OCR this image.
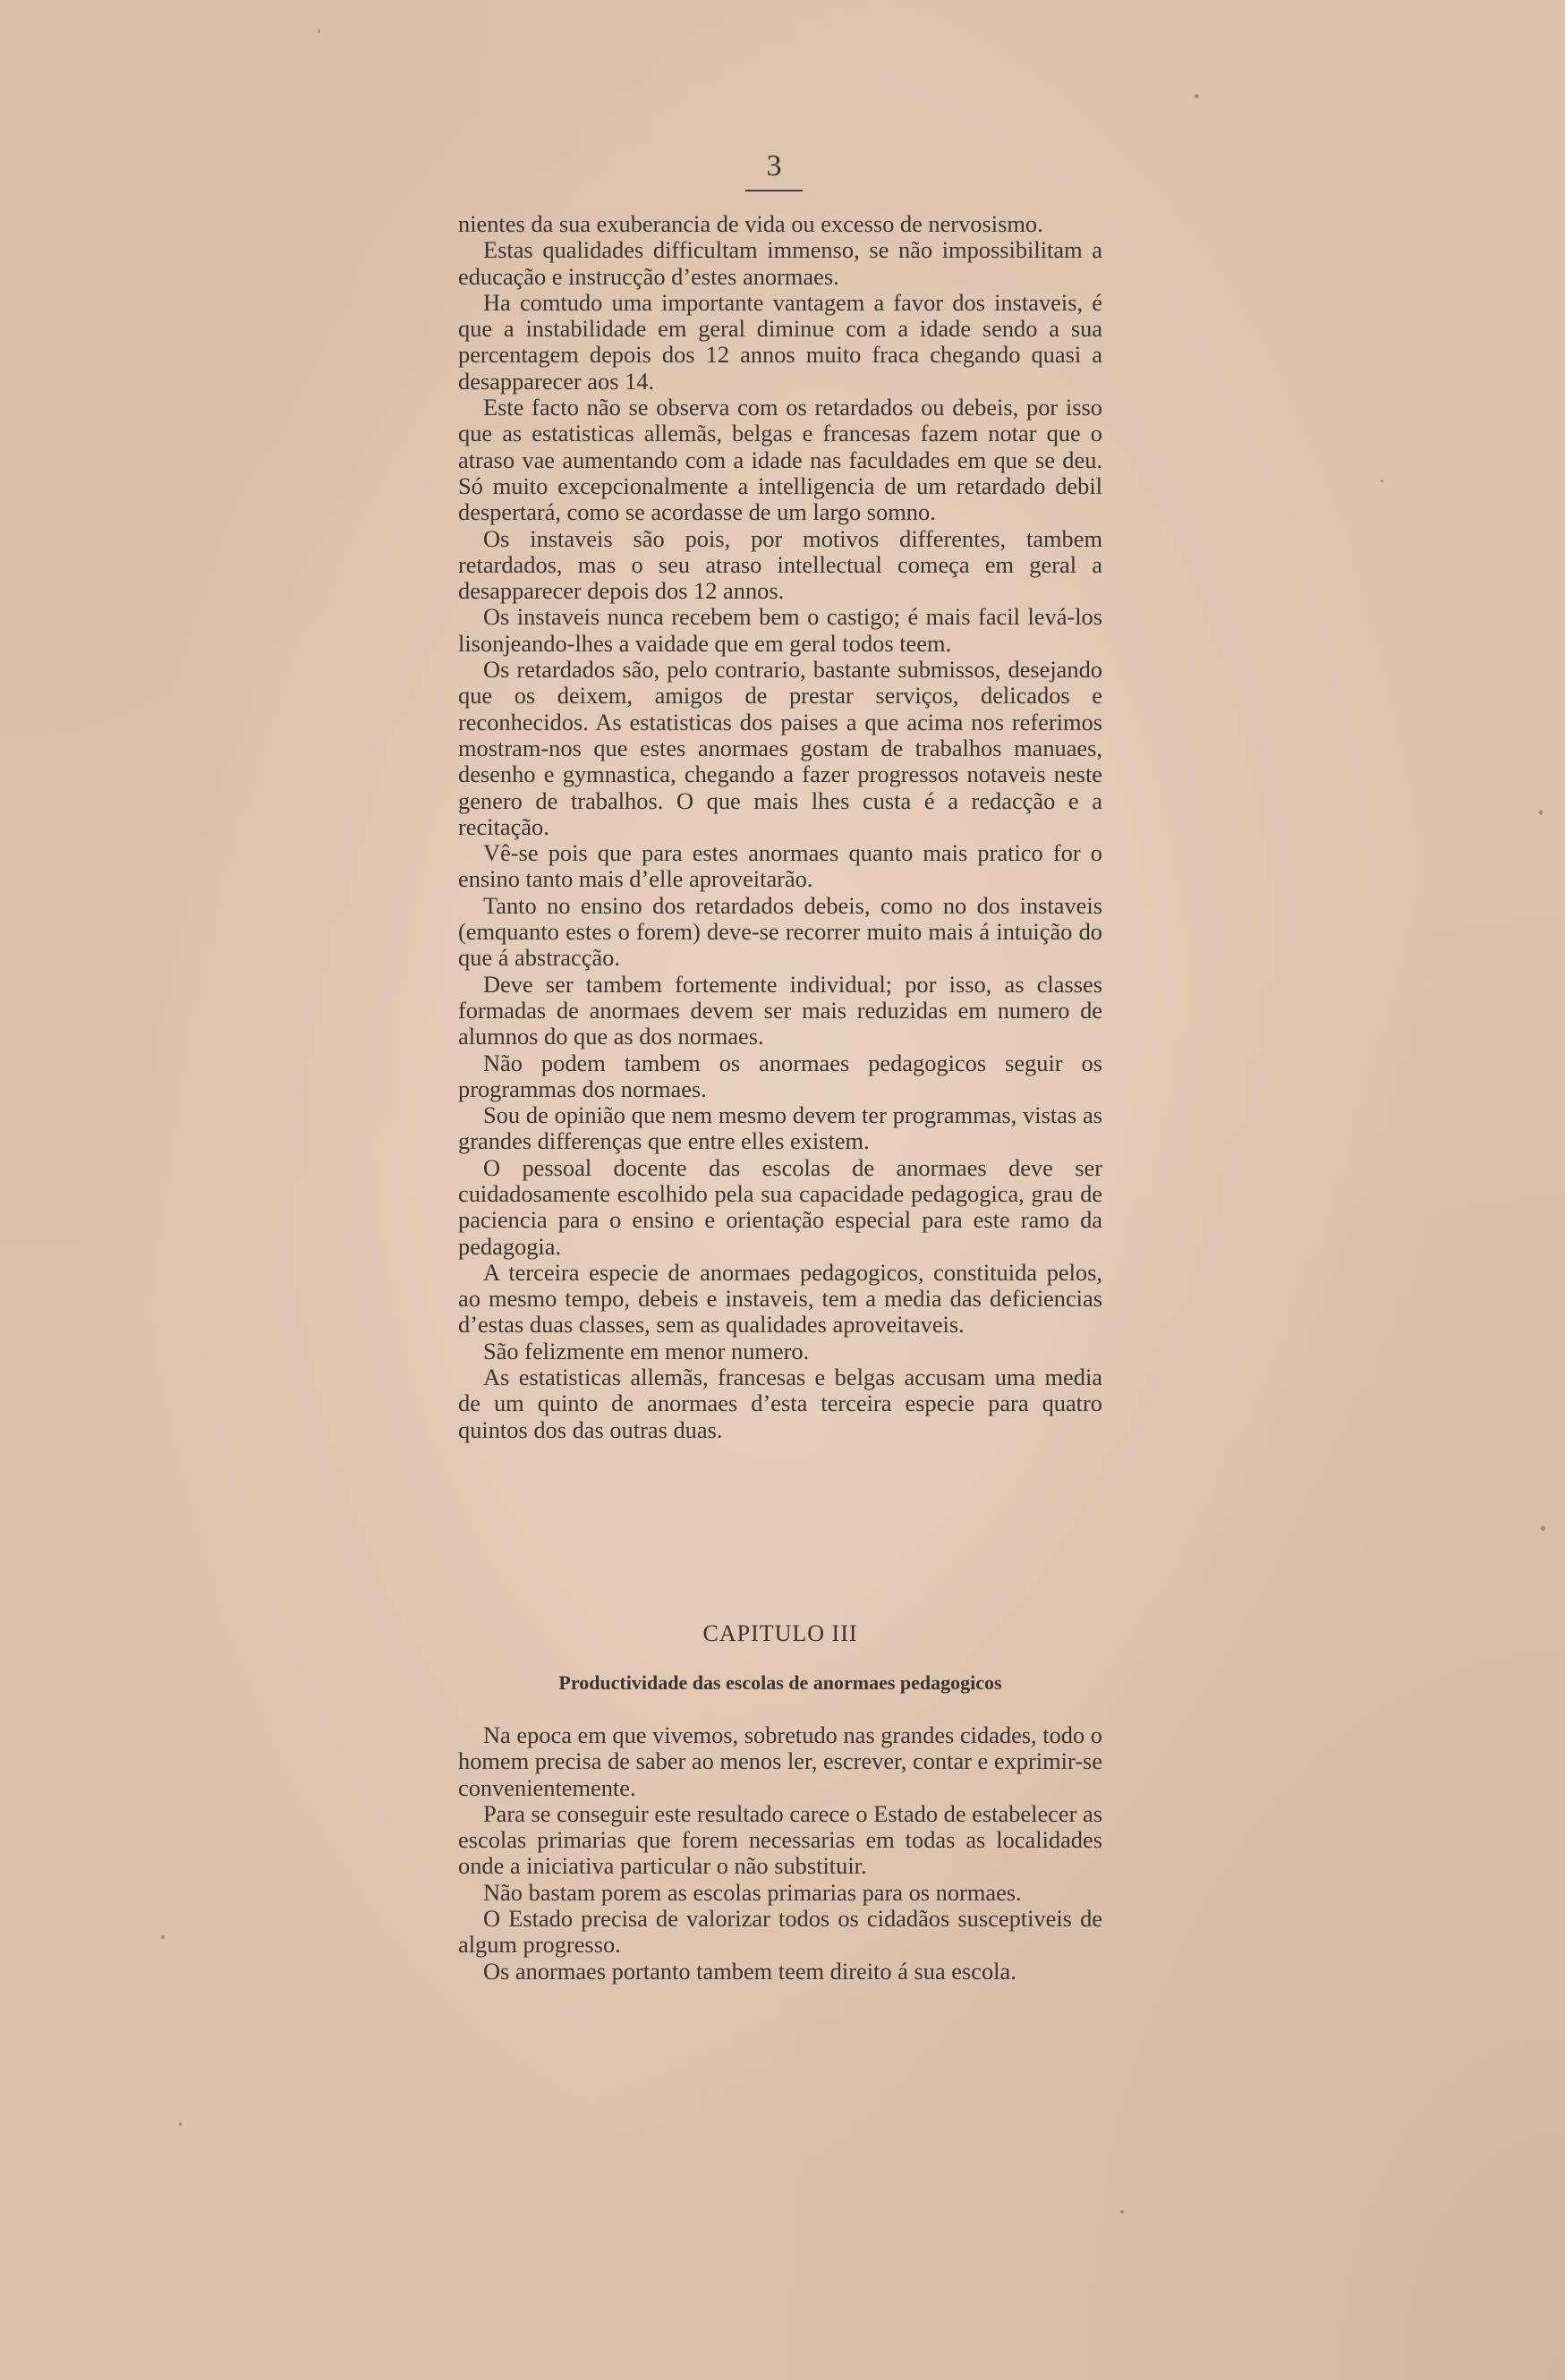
3

nientes da sua exuberancia de vida ou excesso de nervosismo.

Estas qualidades difficultam immenso, se não impossibilitam a educação e instrucção d’estes anormaes.

Ha comtudo uma importante vantagem a favor dos instaveis, é que a instabilidade em geral diminue com a idade sendo a sua percentagem depois dos 12 annos muito fraca chegando quasi a desapparecer aos 14.

Este facto não se observa com os retardados ou debeis, por isso que as estatisticas allemãs, belgas e francesas fazem notar que o atraso vae aumentando com a idade nas faculdades em que se deu. Só muito excepcionalmente a intelligencia de um retardado debil despertará, como se acordasse de um largo somno.

Os instaveis são pois, por motivos differentes, tambem retardados, mas o seu atraso intellectual começa em geral a desapparecer depois dos 12 annos.

Os instaveis nunca recebem bem o castigo; é mais facil levá-los lisonjeando-lhes a vaidade que em geral todos teem.

Os retardados são, pelo contrario, bastante submissos, desejando que os deixem, amigos de prestar serviços, delicados e reconhecidos. As estatisticas dos paises a que acima nos referimos mostram-nos que estes anormaes gostam de trabalhos manuaes, desenho e gymnastica, chegando a fazer progressos notaveis neste genero de trabalhos. O que mais lhes custa é a redacção e a recitação.

Vê-se pois que para estes anormaes quanto mais pratico for o ensino tanto mais d’elle aproveitarão.

Tanto no ensino dos retardados debeis, como no dos instaveis (emquanto estes o forem) deve-se recorrer muito mais á intuição do que á abstracção.

Deve ser tambem fortemente individual; por isso, as classes formadas de anormaes devem ser mais reduzidas em numero de alumnos do que as dos normaes.

Não podem tambem os anormaes pedagogicos seguir os programmas dos normaes.

Sou de opinião que nem mesmo devem ter programmas, vistas as grandes differenças que entre elles existem.

O pessoal docente das escolas de anormaes deve ser cuidadosamente escolhido pela sua capacidade pedagogica, grau de paciencia para o ensino e orientação especial para este ramo da pedagogia.

A terceira especie de anormaes pedagogicos, constituida pelos, ao mesmo tempo, debeis e instaveis, tem a media das deficiencias d’estas duas classes, sem as qualidades aproveitaveis.

São felizmente em menor numero.

As estatisticas allemãs, francesas e belgas accusam uma media de um quinto de anormaes d’esta terceira especie para quatro quintos dos das outras duas.

CAPITULO III
Productividade das escolas de anormaes pedagogicos

Na epoca em que vivemos, sobretudo nas grandes cidades, todo o homem precisa de saber ao menos ler, escrever, contar e exprimir-se convenientemente.

Para se conseguir este resultado carece o Estado de estabelecer as escolas primarias que forem necessarias em todas as localidades onde a iniciativa particular o não substituir.

Não bastam porem as escolas primarias para os normaes.

O Estado precisa de valorizar todos os cidadãos susceptiveis de algum progresso.

Os anormaes portanto tambem teem direito á sua escola.
